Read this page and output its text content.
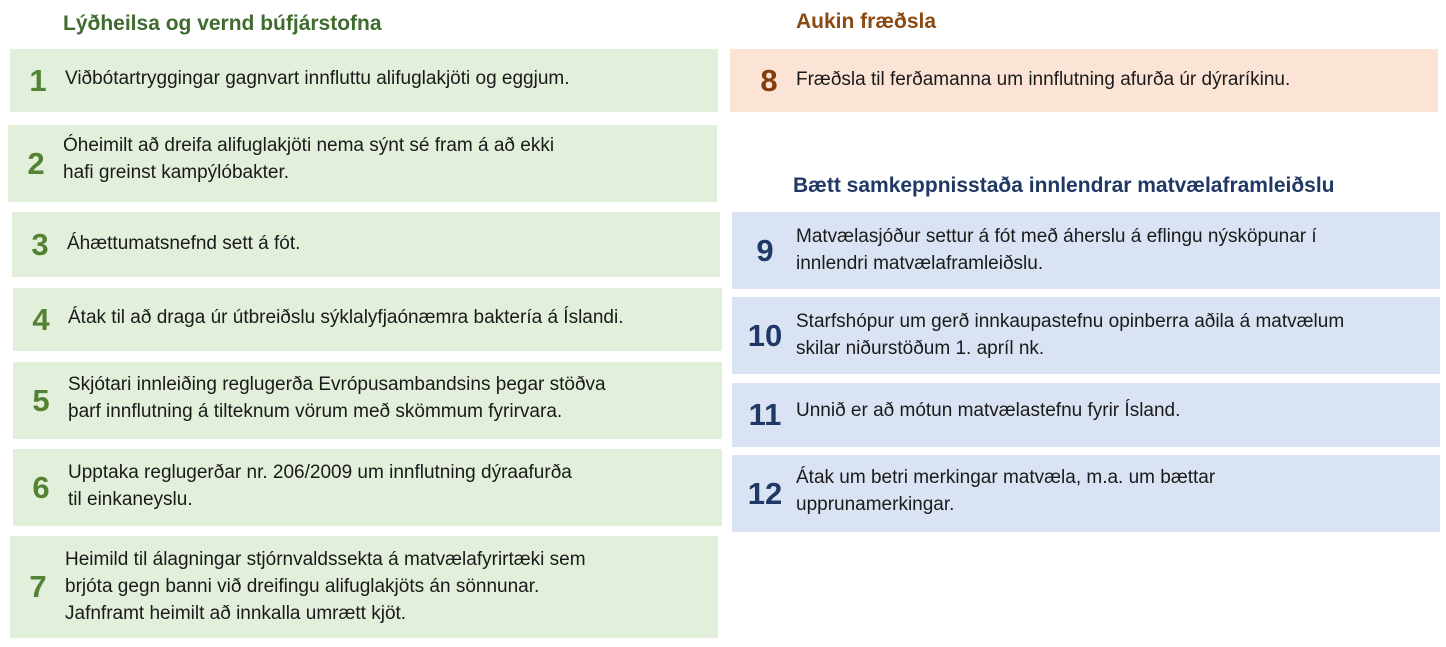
Lýðheilsa og vernd búfjárstofna	Aukin fræðsla
Bætt samkeppnisstaða innlendrar matvælaframleiðslu
1 Viðbótartryggingar gagnvart innfluttu alifuglakjöti og eggjum.
2 Óheimilt að dreifa alifuglakjöti nema sýnt sé fram á að ekki
hafi greinst kampýlóbakter.
3 Áhættumatsnefnd sett á fót.
4 Átak til að draga úr útbreiðslu sýklalyfjaónæmra baktería á Íslandi.
5 Skjótari innleiðing reglugerða Evrópusambandsins þegar stöðva
þarf innflutning á tilteknum vörum með skömmum fyrirvara.
6 Upptaka reglugerðar nr. 206/2009 um innflutning dýraafurða
til einkaneyslu.
7
Heimild til álagningar stjórnvaldssekta á matvælafyrirtæki sem
brjóta gegn banni við dreifingu alifuglakjöts án sönnunar.
Jafnframt heimilt að innkalla umrætt kjöt.
8 Fræðsla til ferðamanna um innflutning afurða úr dýraríkinu.
9	Matvælasjóður settur á fót með áherslu á eflingu nýsköpunar í
innlendri matvælaframleiðslu.
10 Starfshópur um gerð innkaupastefnu opinberra aðila á matvælum
skilar niðurstöðum 1. apríl nk.
11 Unnið er að mótun matvælastefnu fyrir Ísland.
12 Átak um betri merkingar matvæla, m.a. um bættar
upprunamerkingar.
